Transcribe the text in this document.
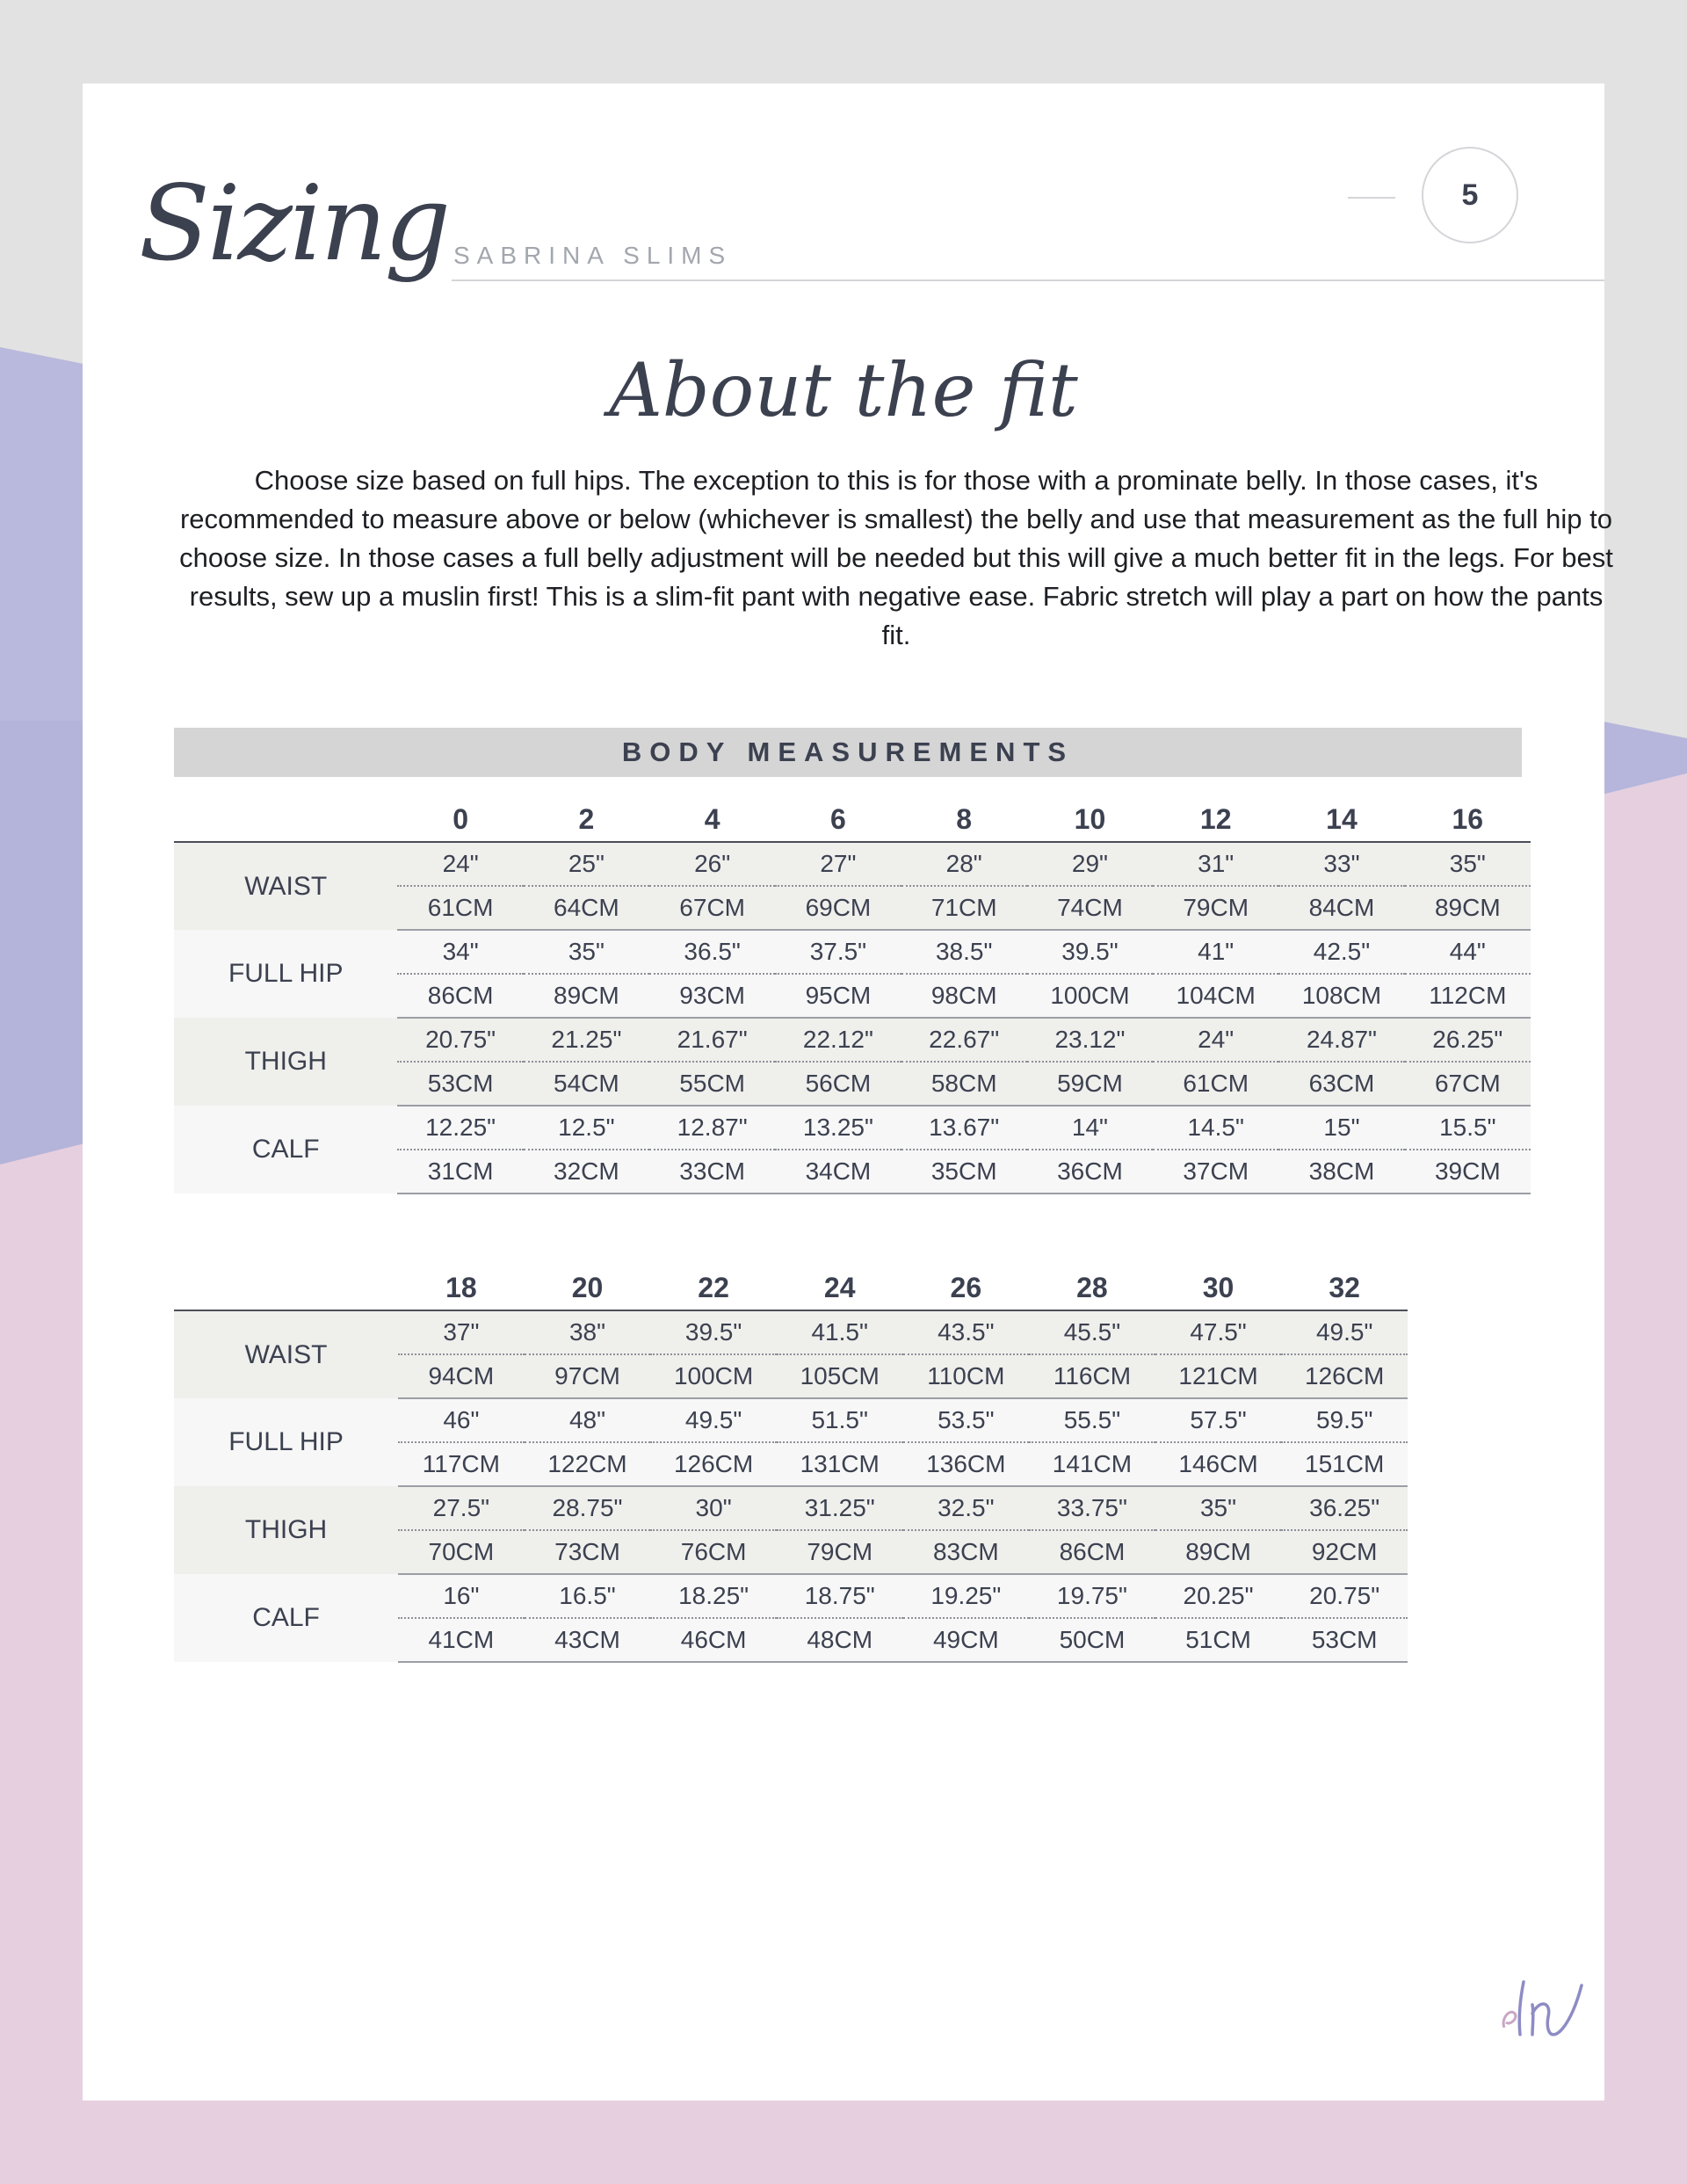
Sizing SABRINA SLIMS
5
About the fit
Choose size based on full hips. The exception to this is for those with a prominate belly. In those cases, it's recommended to measure above or below (whichever is smallest) the belly and use that measurement as the full hip to choose size. In those cases a full belly adjustment will be needed but this will give a much better fit in the legs. For best results, sew up a muslin first! This is a slim-fit pant with negative ease. Fabric stretch will play a part on how the pants fit.
BODY MEASUREMENTS
	0	2	4	6	8	10	12	14	16
WAIST	24"	25"	26"	27"	28"	29"	31"	33"	35"
	61CM	64CM	67CM	69CM	71CM	74CM	79CM	84CM	89CM
FULL HIP	34"	35"	36.5"	37.5"	38.5"	39.5"	41"	42.5"	44"
	86CM	89CM	93CM	95CM	98CM	100CM	104CM	108CM	112CM
THIGH	20.75"	21.25"	21.67"	22.12"	22.67"	23.12"	24"	24.87"	26.25"
	53CM	54CM	55CM	56CM	58CM	59CM	61CM	63CM	67CM
CALF	12.25"	12.5"	12.87"	13.25"	13.67"	14"	14.5"	15"	15.5"
	31CM	32CM	33CM	34CM	35CM	36CM	37CM	38CM	39CM
	18	20	22	24	26	28	30	32
WAIST	37"	38"	39.5"	41.5"	43.5"	45.5"	47.5"	49.5"
	94CM	97CM	100CM	105CM	110CM	116CM	121CM	126CM
FULL HIP	46"	48"	49.5"	51.5"	53.5"	55.5"	57.5"	59.5"
	117CM	122CM	126CM	131CM	136CM	141CM	146CM	151CM
THIGH	27.5"	28.75"	30"	31.25"	32.5"	33.75"	35"	36.25"
	70CM	73CM	76CM	79CM	83CM	86CM	89CM	92CM
CALF	16"	16.5"	18.25"	18.75"	19.25"	19.75"	20.25"	20.75"
	41CM	43CM	46CM	48CM	49CM	50CM	51CM	53CM
